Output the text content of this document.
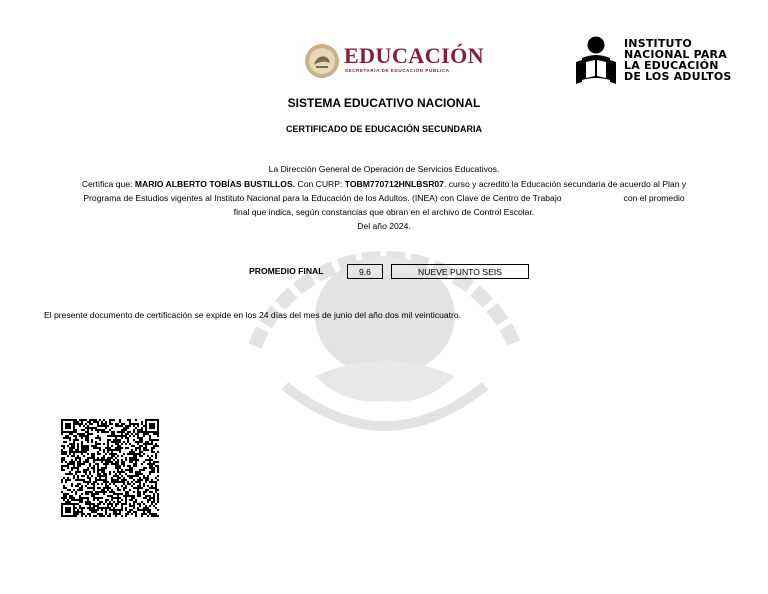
EDUCACIÓN
SECRETARÍA DE EDUCACIÓN PÚBLICA
INSTITUTO
NACIONAL PARA
LA EDUCACIÓN
DE LOS ADULTOS
SISTEMA EDUCATIVO NACIONAL
CERTIFICADO DE EDUCACIÓN SECUNDARIA
La Dirección General de Operación de Servicios Educativos.
Certifica que: MARIO ALBERTO TOBÍAS BUSTILLOS. Con CURP: TOBM770712HNLBSR07. curso y acredito la Educación secundaria de acuerdo al Plan y
Programa de Estudios vigentes al Instituto Nacional para la Educación de los Adultos. (INEA) con Clave de Centro de Trabajo	con el promedio
final que indica, según constancias que obran en el archivo de Control Escolar.
Del año 2024.
PROMEDIO FINAL	9.6	NUEVE PUNTO SEIS
El presente documento de certificación se expide en los 24 días del mes de junio del año dos mil veinticuatro.
